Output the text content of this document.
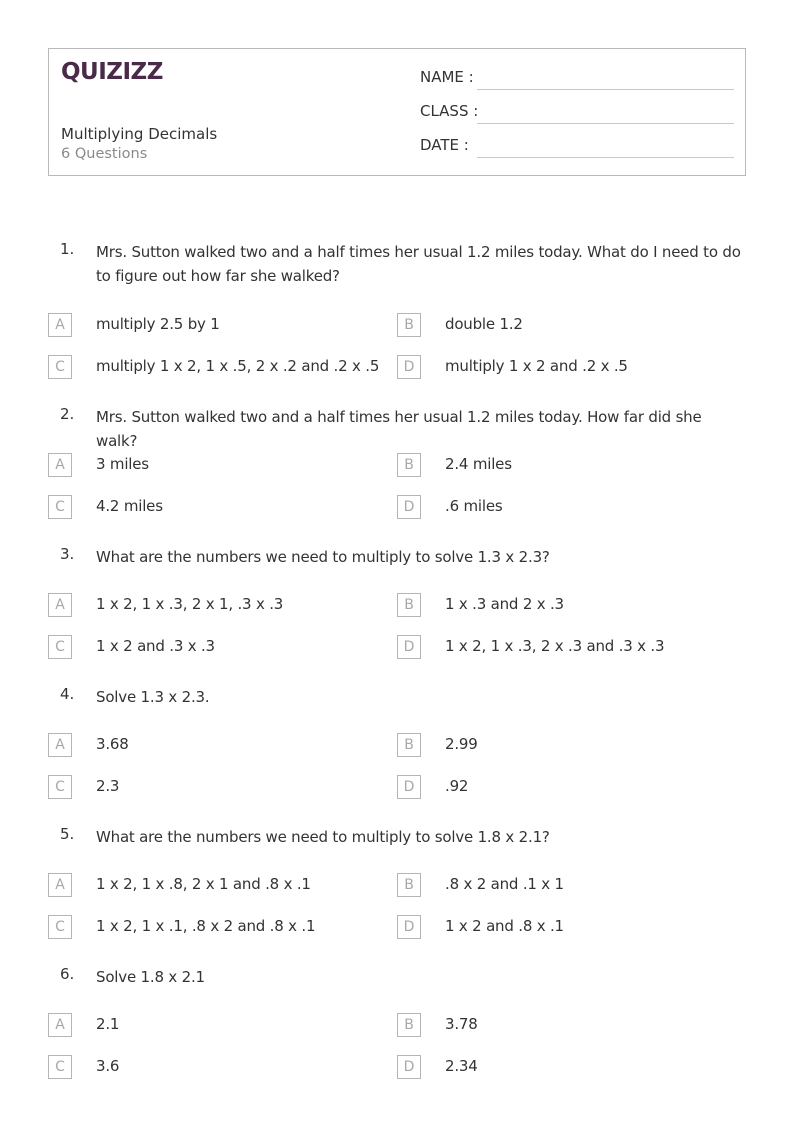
QUIZIZZ
Multiplying Decimals
6 Questions
NAME :
CLASS :
DATE :
1. Mrs. Sutton walked two and a half times her usual 1.2 miles today. What do I need to do to figure out how far she walked?
A	multiply 2.5 by 1	B	double 1.2
C	multiply 1 x 2, 1 x .5, 2 x .2 and .2 x .5	D	multiply 1 x 2 and .2 x .5
2. Mrs. Sutton walked two and a half times her usual 1.2 miles today. How far did she walk?
A	3 miles	B	2.4 miles
C	4.2 miles	D	.6 miles
3. What are the numbers we need to multiply to solve 1.3 x 2.3?
A	1 x 2, 1 x .3, 2 x 1, .3 x .3	B	1 x .3 and 2 x .3
C	1 x 2 and .3 x .3	D	1 x 2, 1 x .3, 2 x .3 and .3 x .3
4. Solve 1.3 x 2.3.
A	3.68	B	2.99
C	2.3	D	.92
5. What are the numbers we need to multiply to solve 1.8 x 2.1?
A	1 x 2, 1 x .8, 2 x 1 and .8 x .1	B	.8 x 2 and .1 x 1
C	1 x 2, 1 x .1, .8 x 2 and .8 x .1	D	1 x 2 and .8 x .1
6. Solve 1.8 x 2.1
A	2.1	B	3.78
C	3.6	D	2.34
